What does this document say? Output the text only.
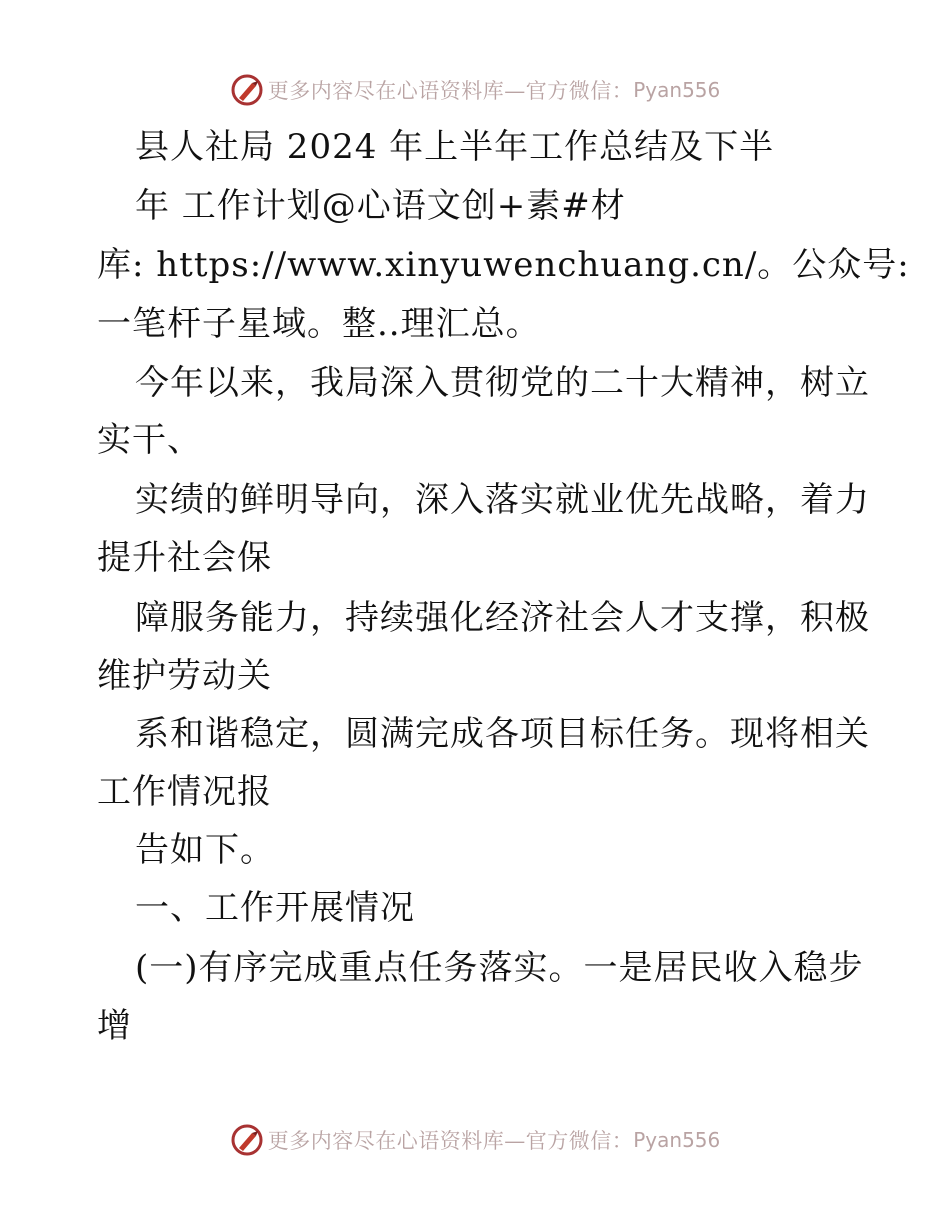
更多内容尽在心语资料库—官方微信： Pyan556
县人社局 2024 年上半年工作总结及下半
年 工作计划@心语文创+素#材
库: https://www.xinyuwenchuang.cn/。公众号:
一笔杆子星域。整..理汇总。
今年以来，我局深入贯彻党的二十大精神，树立
实干、
实绩的鲜明导向，深入落实就业优先战略，着力
提升社会保
障服务能力，持续强化经济社会人才支撑，积极
维护劳动关
系和谐稳定，圆满完成各项目标任务。现将相关
工作情况报
告如下。
一、工作开展情况
(一)有序完成重点任务落实。一是居民收入稳步
增
更多内容尽在心语资料库—官方微信： Pyan556
